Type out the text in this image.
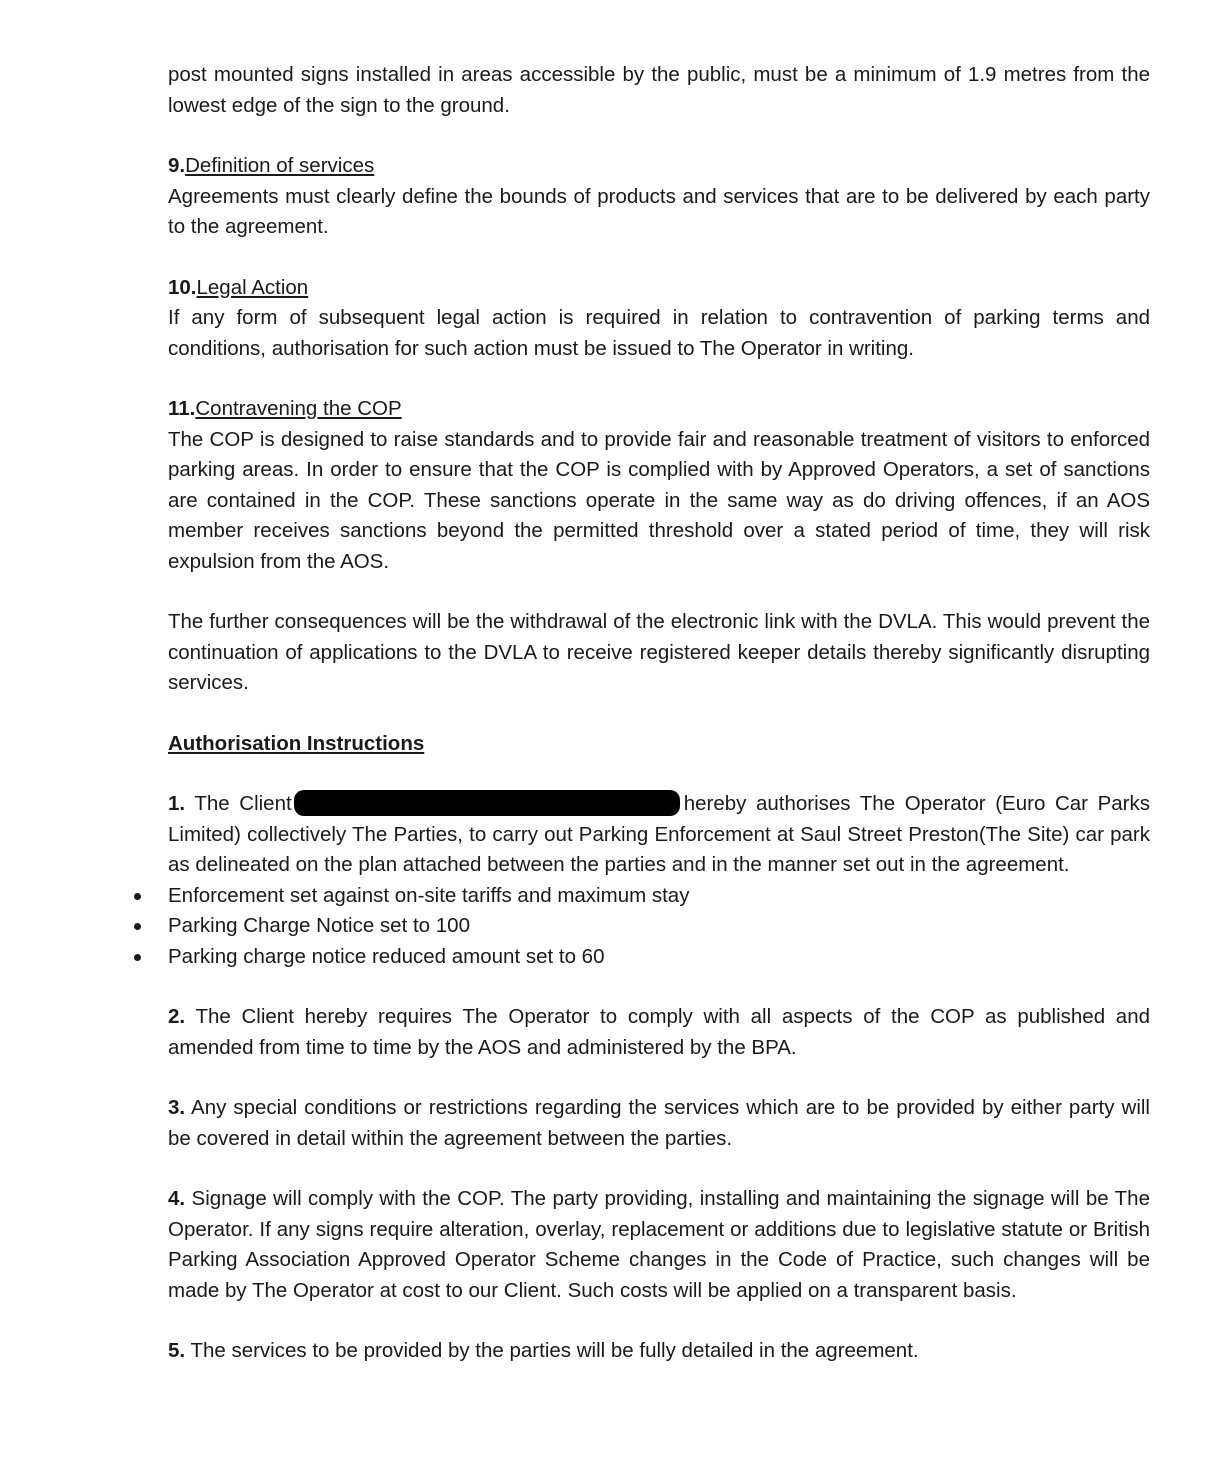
post mounted signs installed in areas accessible by the public, must be a minimum of 1.9 metres from the lowest edge of the sign to the ground.

9.Definition of services

Agreements must clearly define the bounds of products and services that are to be delivered by each party to the agreement.

10.Legal Action

If any form of subsequent legal action is required in relation to contravention of parking terms and conditions, authorisation for such action must be issued to The Operator in writing.

11.Contravening the COP

The COP is designed to raise standards and to provide fair and reasonable treatment of visitors to enforced parking areas. In order to ensure that the COP is complied with by Approved Operators, a set of sanctions are contained in the COP. These sanctions operate in the same way as do driving offences, if an AOS member receives sanctions beyond the permitted threshold over a stated period of time, they will risk expulsion from the AOS.

The further consequences will be the withdrawal of the electronic link with the DVLA. This would prevent the continuation of applications to the DVLA to receive registered keeper details thereby significantly disrupting services.

Authorisation Instructions

1. The Client	hereby authorises The Operator (Euro Car Parks Limited) collectively The Parties, to carry out Parking Enforcement at Saul Street Preston(The Site) car park as delineated on the plan attached between the parties and in the manner set out in the agreement.

Enforcement set against on-site tariffs and maximum stay
Parking Charge Notice set to 100
Parking charge notice reduced amount set to 60

2. The Client hereby requires The Operator to comply with all aspects of the COP as published and amended from time to time by the AOS and administered by the BPA.

3. Any special conditions or restrictions regarding the services which are to be provided by either party will be covered in detail within the agreement between the parties.

4. Signage will comply with the COP. The party providing, installing and maintaining the signage will be The Operator. If any signs require alteration, overlay, replacement or additions due to legislative statute or British Parking Association Approved Operator Scheme changes in the Code of Practice, such changes will be made by The Operator at cost to our Client. Such costs will be applied on a transparent basis.

5. The services to be provided by the parties will be fully detailed in the agreement.
